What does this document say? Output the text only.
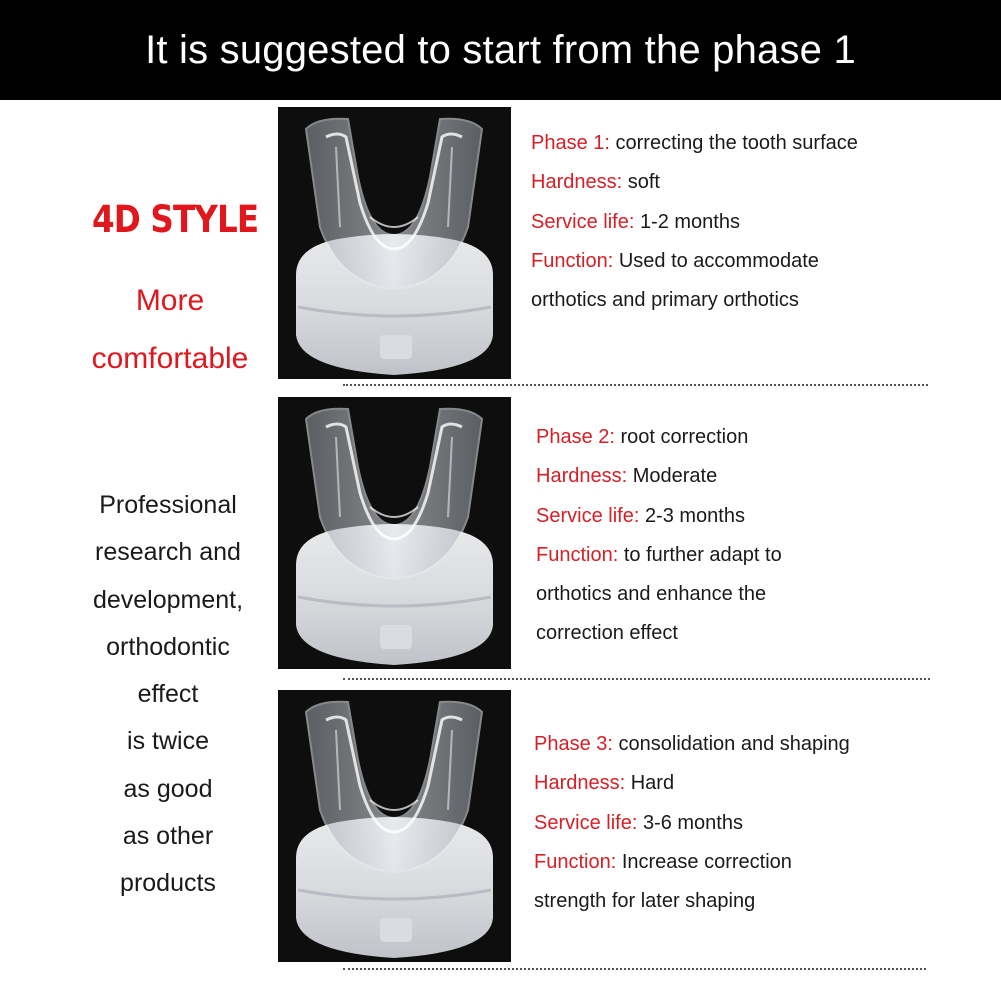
It is suggested to start from the phase 1
4D STYLE
More
comfortable
Professional
research and
development,
orthodontic
effect
is twice
as good
as other
products
Phase 1: correcting the tooth surface
Hardness: soft
Service life: 1-2 months
Function: Used to accommodate
orthotics and primary orthotics
Phase 2: root correction
Hardness: Moderate
Service life: 2-3 months
Function: to further adapt to
orthotics and enhance the
correction effect
Phase 3: consolidation and shaping
Hardness: Hard
Service life: 3-6 months
Function: Increase correction
strength for later shaping
